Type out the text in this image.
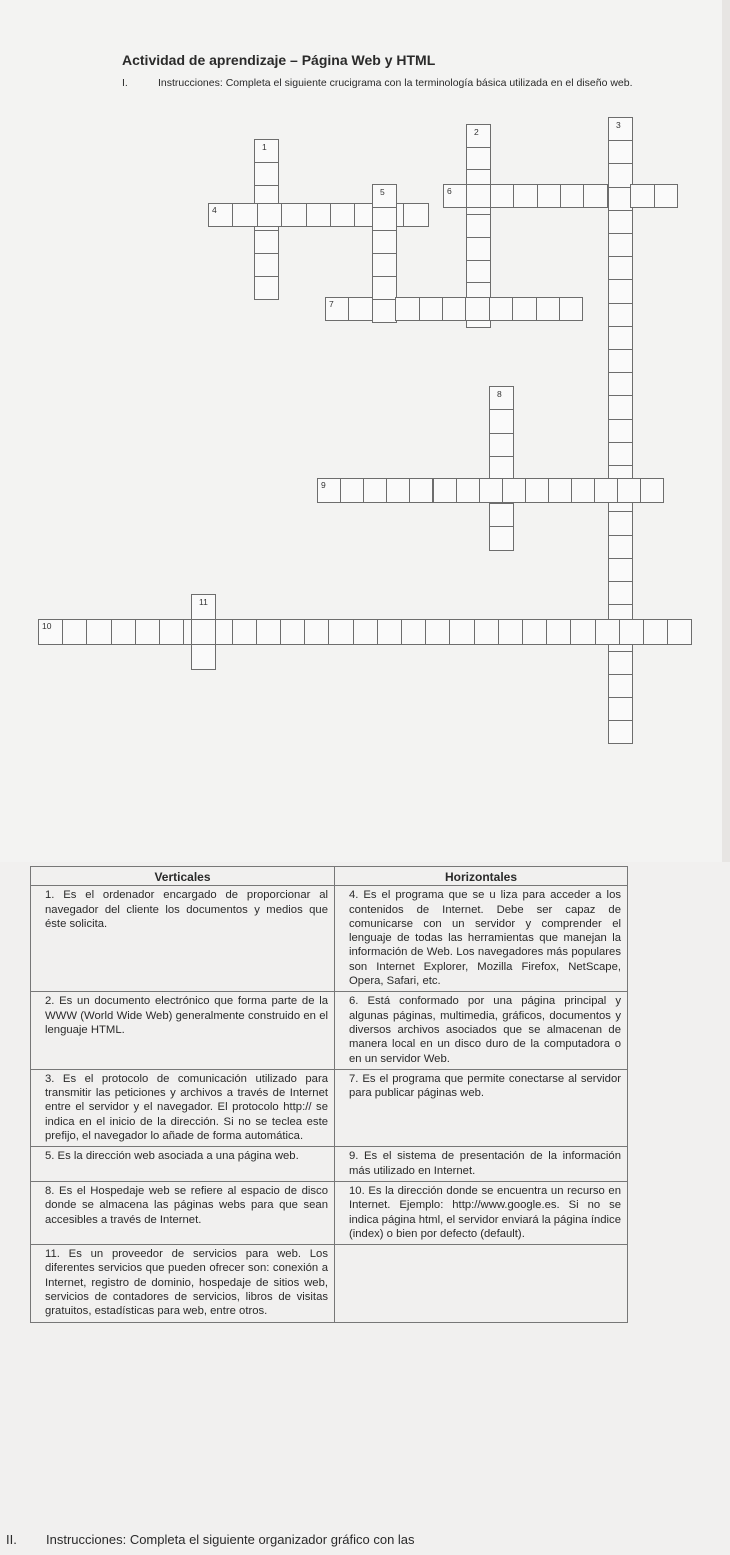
Actividad de aprendizaje – Página Web y HTML
I.	Instrucciones: Completa el siguiente crucigrama con la terminología básica utilizada en el diseño web.
1
2
3
4
5	6
7
8
9
10
11
Verticales	Horizontales
1. Es el ordenador encargado de proporcionar al navegador del cliente los documentos y medios que éste solicita.	4. Es el programa que se u liza para acceder a los contenidos de Internet. Debe ser capaz de comunicarse con un servidor y comprender el lenguaje de todas las herramientas que manejan la información de Web. Los navegadores más populares son Internet Explorer, Mozilla Firefox, NetScape, Opera, Safari, etc.
2. Es un documento electrónico que forma parte de la WWW (World Wide Web) generalmente construido en el lenguaje HTML.	6. Está conformado por una página principal y algunas páginas, multimedia, gráficos, documentos y diversos archivos asociados que se almacenan de manera local en un disco duro de la computadora o en un servidor Web.
3. Es el protocolo de comunicación utilizado para transmitir las peticiones y archivos a través de Internet entre el servidor y el navegador. El protocolo http:// se indica en el inicio de la dirección. Si no se teclea este prefijo, el navegador lo añade de forma automática.	7. Es el programa que permite conectarse al servidor para publicar páginas web.
5. Es la dirección web asociada a una página web.	9. Es el sistema de presentación de la información más utilizado en Internet.
8. Es el Hospedaje web se refiere al espacio de disco donde se almacena las páginas webs para que sean accesibles a través de Internet.	10. Es la dirección donde se encuentra un recurso en Internet. Ejemplo: http://www.google.es. Si no se indica página html, el servidor enviará la página índice (index) o bien por defecto (default).
11. Es un proveedor de servicios para web. Los diferentes servicios que pueden ofrecer son: conexión a Internet, registro de dominio, hospedaje de sitios web, servicios de contadores de servicios, libros de visitas gratuitos, estadísticas para web, entre otros.	
II. Instrucciones: Completa el siguiente organizador gráfico con las
